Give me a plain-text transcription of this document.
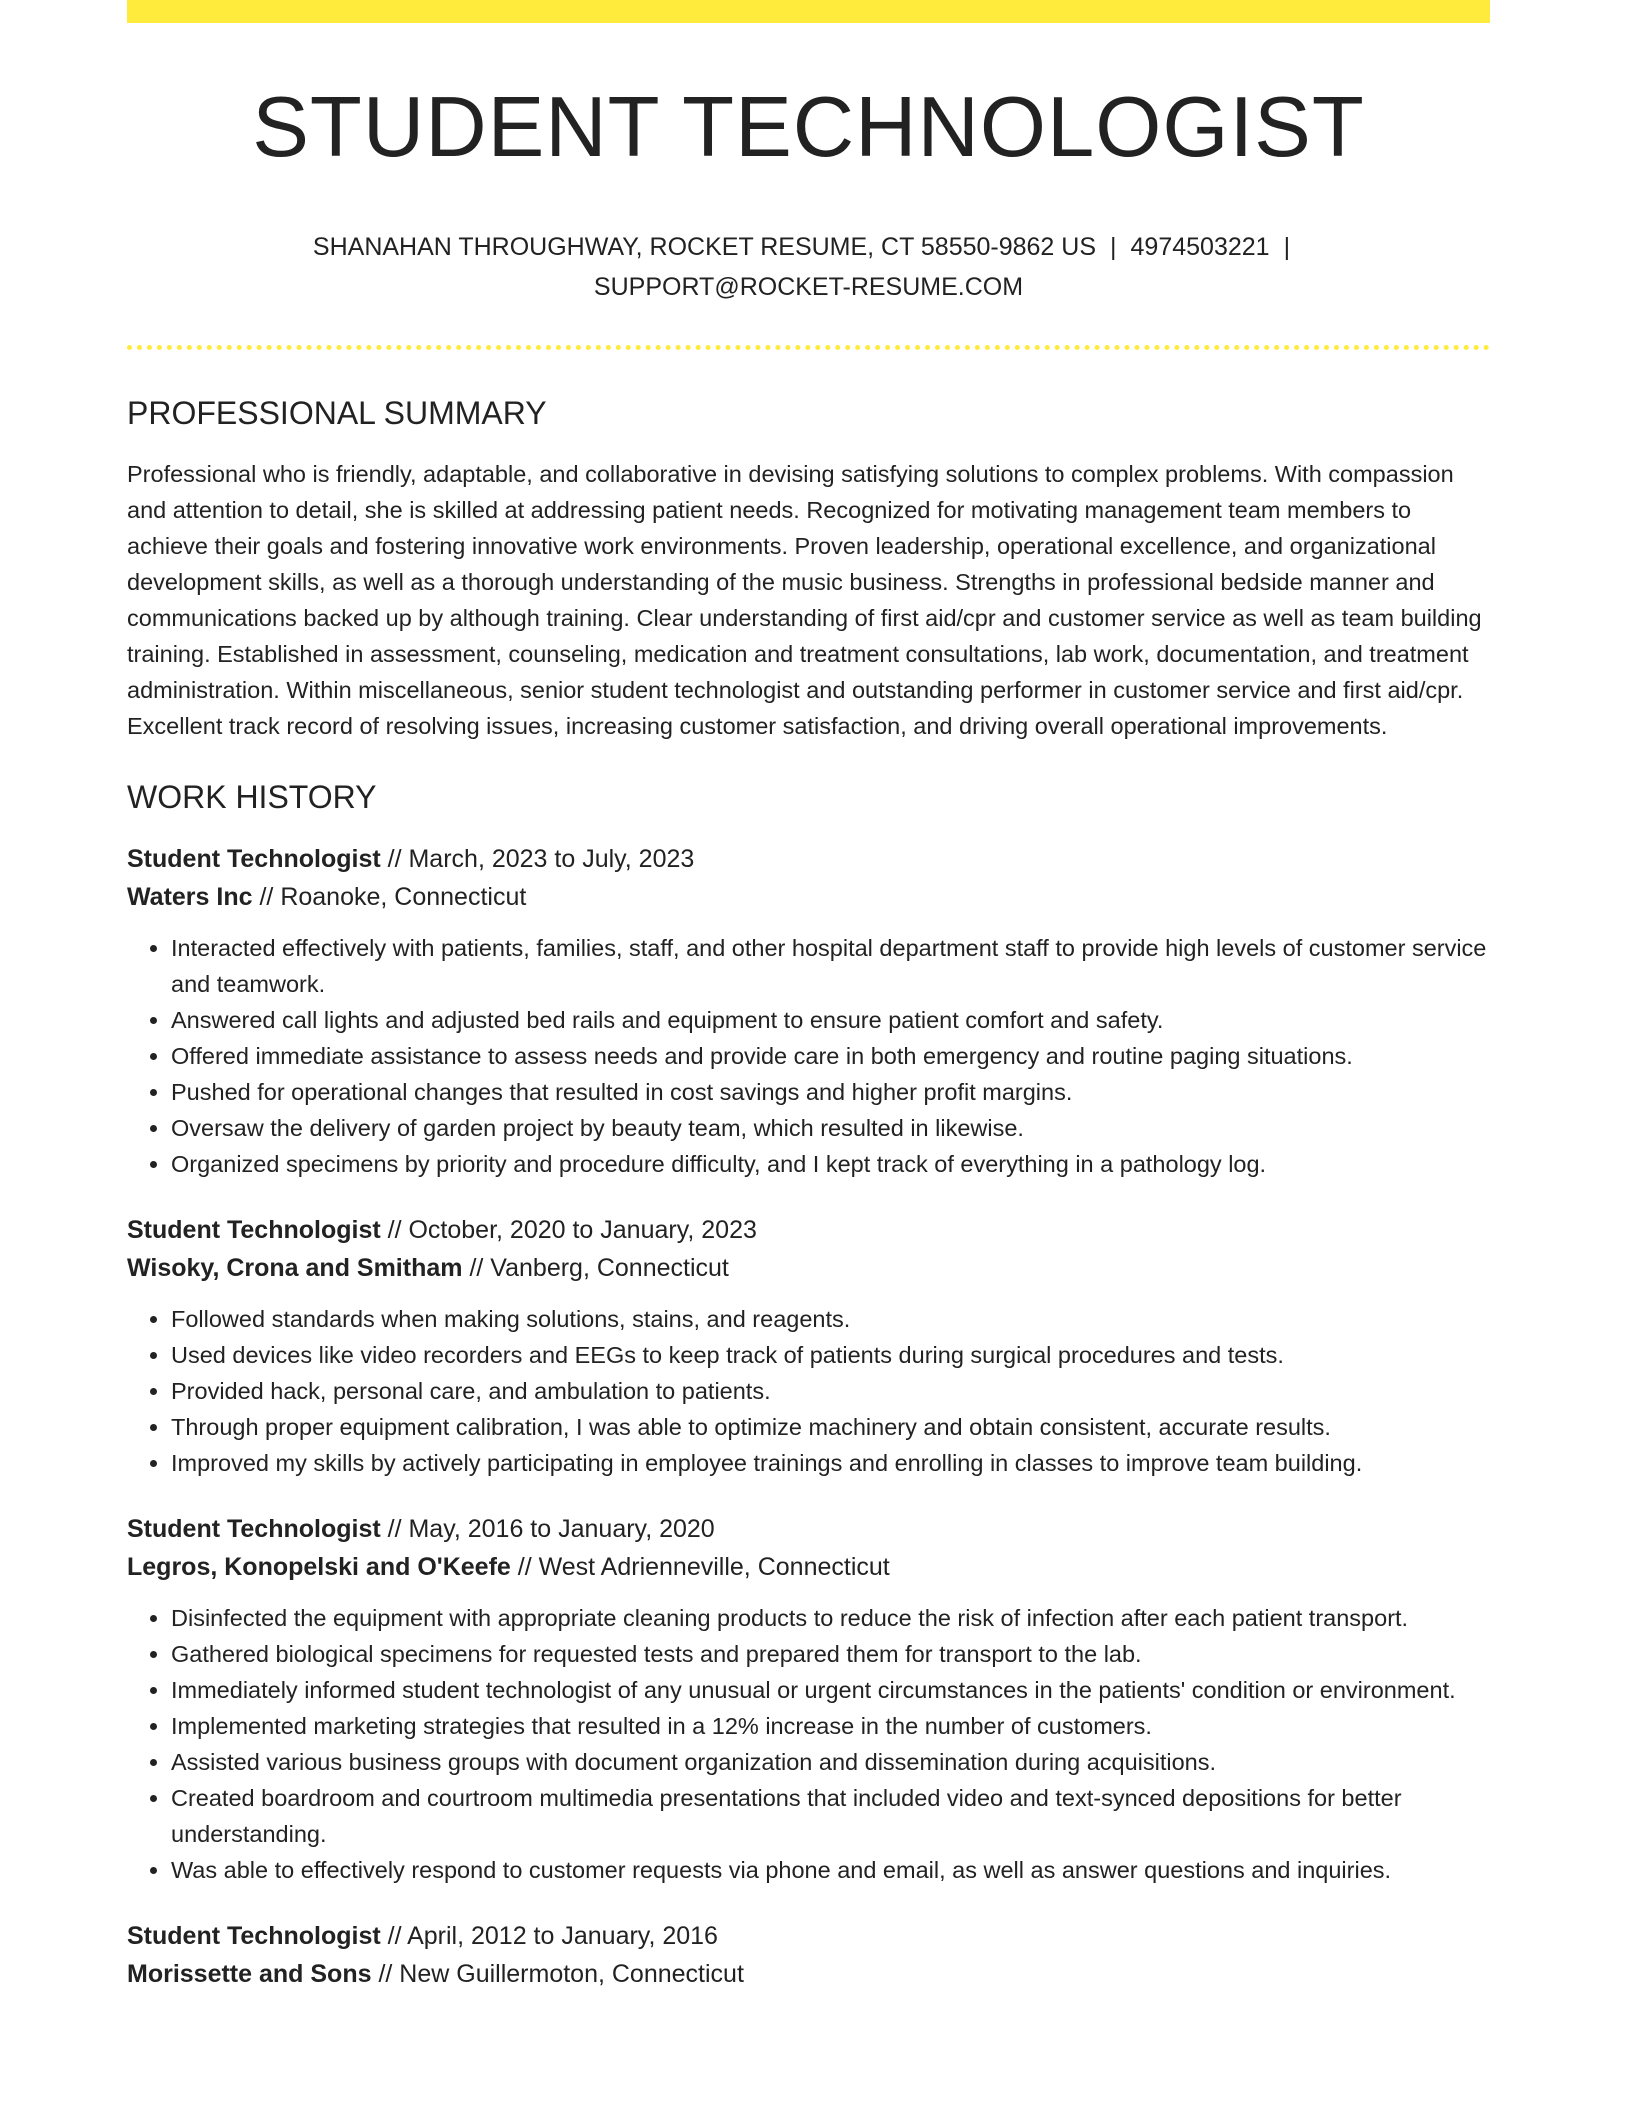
STUDENT TECHNOLOGIST
SHANAHAN THROUGHWAY, ROCKET RESUME, CT 58550-9862 US | 4974503221 |
SUPPORT@ROCKET-RESUME.COM
PROFESSIONAL SUMMARY
Professional who is friendly, adaptable, and collaborative in devising satisfying solutions to complex problems. With compassion and attention to detail, she is skilled at addressing patient needs. Recognized for motivating management team members to achieve their goals and fostering innovative work environments. Proven leadership, operational excellence, and organizational development skills, as well as a thorough understanding of the music business. Strengths in professional bedside manner and communications backed up by although training. Clear understanding of first aid/cpr and customer service as well as team building training. Established in assessment, counseling, medication and treatment consultations, lab work, documentation, and treatment administration. Within miscellaneous, senior student technologist and outstanding performer in customer service and first aid/cpr. Excellent track record of resolving issues, increasing customer satisfaction, and driving overall operational improvements.
WORK HISTORY
Student Technologist // March, 2023 to July, 2023
Waters Inc // Roanoke, Connecticut
• Interacted effectively with patients, families, staff, and other hospital department staff to provide high levels of customer service and teamwork.
• Answered call lights and adjusted bed rails and equipment to ensure patient comfort and safety.
• Offered immediate assistance to assess needs and provide care in both emergency and routine paging situations.
• Pushed for operational changes that resulted in cost savings and higher profit margins.
• Oversaw the delivery of garden project by beauty team, which resulted in likewise.
• Organized specimens by priority and procedure difficulty, and I kept track of everything in a pathology log.
Student Technologist // October, 2020 to January, 2023
Wisoky, Crona and Smitham // Vanberg, Connecticut
• Followed standards when making solutions, stains, and reagents.
• Used devices like video recorders and EEGs to keep track of patients during surgical procedures and tests.
• Provided hack, personal care, and ambulation to patients.
• Through proper equipment calibration, I was able to optimize machinery and obtain consistent, accurate results.
• Improved my skills by actively participating in employee trainings and enrolling in classes to improve team building.
Student Technologist // May, 2016 to January, 2020
Legros, Konopelski and O'Keefe // West Adrienneville, Connecticut
• Disinfected the equipment with appropriate cleaning products to reduce the risk of infection after each patient transport.
• Gathered biological specimens for requested tests and prepared them for transport to the lab.
• Immediately informed student technologist of any unusual or urgent circumstances in the patients' condition or environment.
• Implemented marketing strategies that resulted in a 12% increase in the number of customers.
• Assisted various business groups with document organization and dissemination during acquisitions.
• Created boardroom and courtroom multimedia presentations that included video and text-synced depositions for better understanding.
• Was able to effectively respond to customer requests via phone and email, as well as answer questions and inquiries.
Student Technologist // April, 2012 to January, 2016
Morissette and Sons // New Guillermoton, Connecticut
